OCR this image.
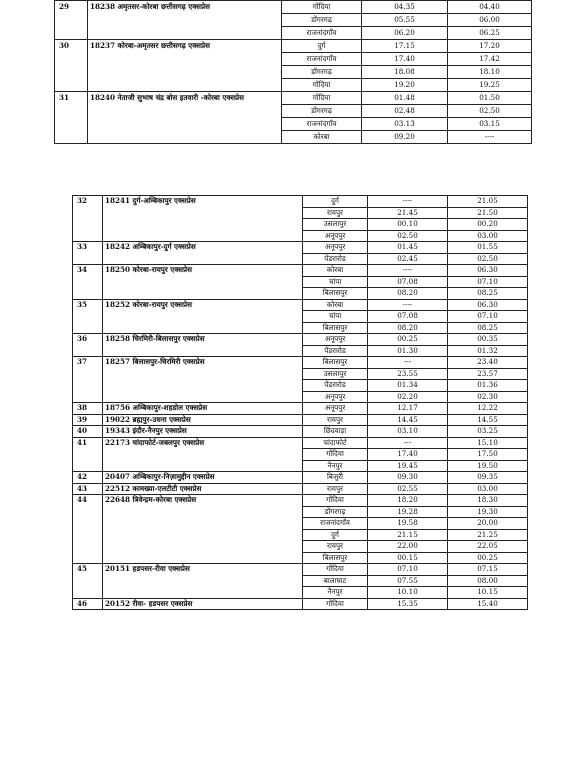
29	18238 अमृतसर-कोरबा छत्तीसगढ़ एक्सप्रेस	गोंदिया	04.35	04.40
		डोंगरगढ़	05.55	06.00
		राजनांदगाँव	06.20	06.25
30	18237 कोरबा-अमृतसर छत्तीसगढ़ एक्सप्रेस	दुर्ग	17.15	17.20
		राजनांदगाँव	17.40	17.42
		डोंगरगढ़	18.08	18.10
		गोंदिया	19.20	19.25
31	18240 नेताजी सुभाष चंद्र बोस इतवारी -कोरबा एक्सप्रेस	गोंदिया	01.48	01.50
		डोंगरगढ़	02.48	02.50
		राजनांदगाँव	03.13	03.15
		कोरबा	09.20	----
32	18241 दुर्ग-अम्बिकापुर एक्सप्रेस	दुर्ग	----	21.05
		रायपुर	21.45	21.50
		उसलापुर	00.10	00.20
		अनूपपुर	02.50	03.00
33	18242 अम्बिकापुर-दुर्ग एक्सप्रेस	अनूपपुर	01.45	01.55
		पेंडरारोड	02.45	02.50
34	18250 कोरबा-रायपुर एक्सप्रेस	कोरबा	----	06.30
		चांपा	07.08	07.10
		बिलासपुर	08.20	08.25
35	18252 कोरबा-रायपुर एक्सप्रेस	कोरबा	----	06.30
		चांपा	07.08	07.10
		बिलासपुर	08.20	08.25
36	18258 चिरमिरी-बिलासपुर एक्सप्रेस	अनूपपुर	00.25	00.35
		पेंडरारोड	01.30	01.32
37	18257 बिलासपुर-चिरमिरी एक्सप्रेस	बिलासपुर	---	23.40
		उसलापुर	23.55	23.57
		पेंडरारोड	01.34	01.36
		अनूपपुर	02.20	02.30
38	18756 अम्बिकापुर-शहडोल एक्सप्रेस	अनूपपुर	12.17	12.22
39	19022 ब्रह्मपुर-उधना एक्सप्रेस	रायपुर	14.45	14.55
40	19343 इंदौर-नैनपुर एक्सप्रेस	छिंदवाड़ा	03.10	03.25
41	22173 चांदाफोर्ट-जबलपुर एक्सप्रेस	चांदाफोर्ट	---	15.10
		गोंदिया	17.40	17.50
		नैनपुर	19.45	19.50
42	20407 अम्बिकापुर-निज़ामुद्दीन एक्सप्रेस	बिजुरी	09.30	09.35
43	22512 कामख्या-एलटीटी एक्सप्रेस	रायपुर	02.55	03.00
44	22648 त्रिवेन्द्रम-कोरबा एक्सप्रेस	गोंदिया	18.20	18.30
		डोंगरगढ़	19.28	19.30
		राजनांदगाँव	19.58	20.00
		दुर्ग	21.15	21.25
		रायपुर	22.00	22.05
		बिलासपुर	00.15	00.25
45	20151 हडपसर-रीवा एक्सप्रेस	गोंदिया	07.10	07.15
		बालाघाट	07.55	08.00
		नैनपुर	10.10	10.15
46	20152 रीवा- हडपसर एक्सप्रेस	गोंदिया	15.35	15.40
